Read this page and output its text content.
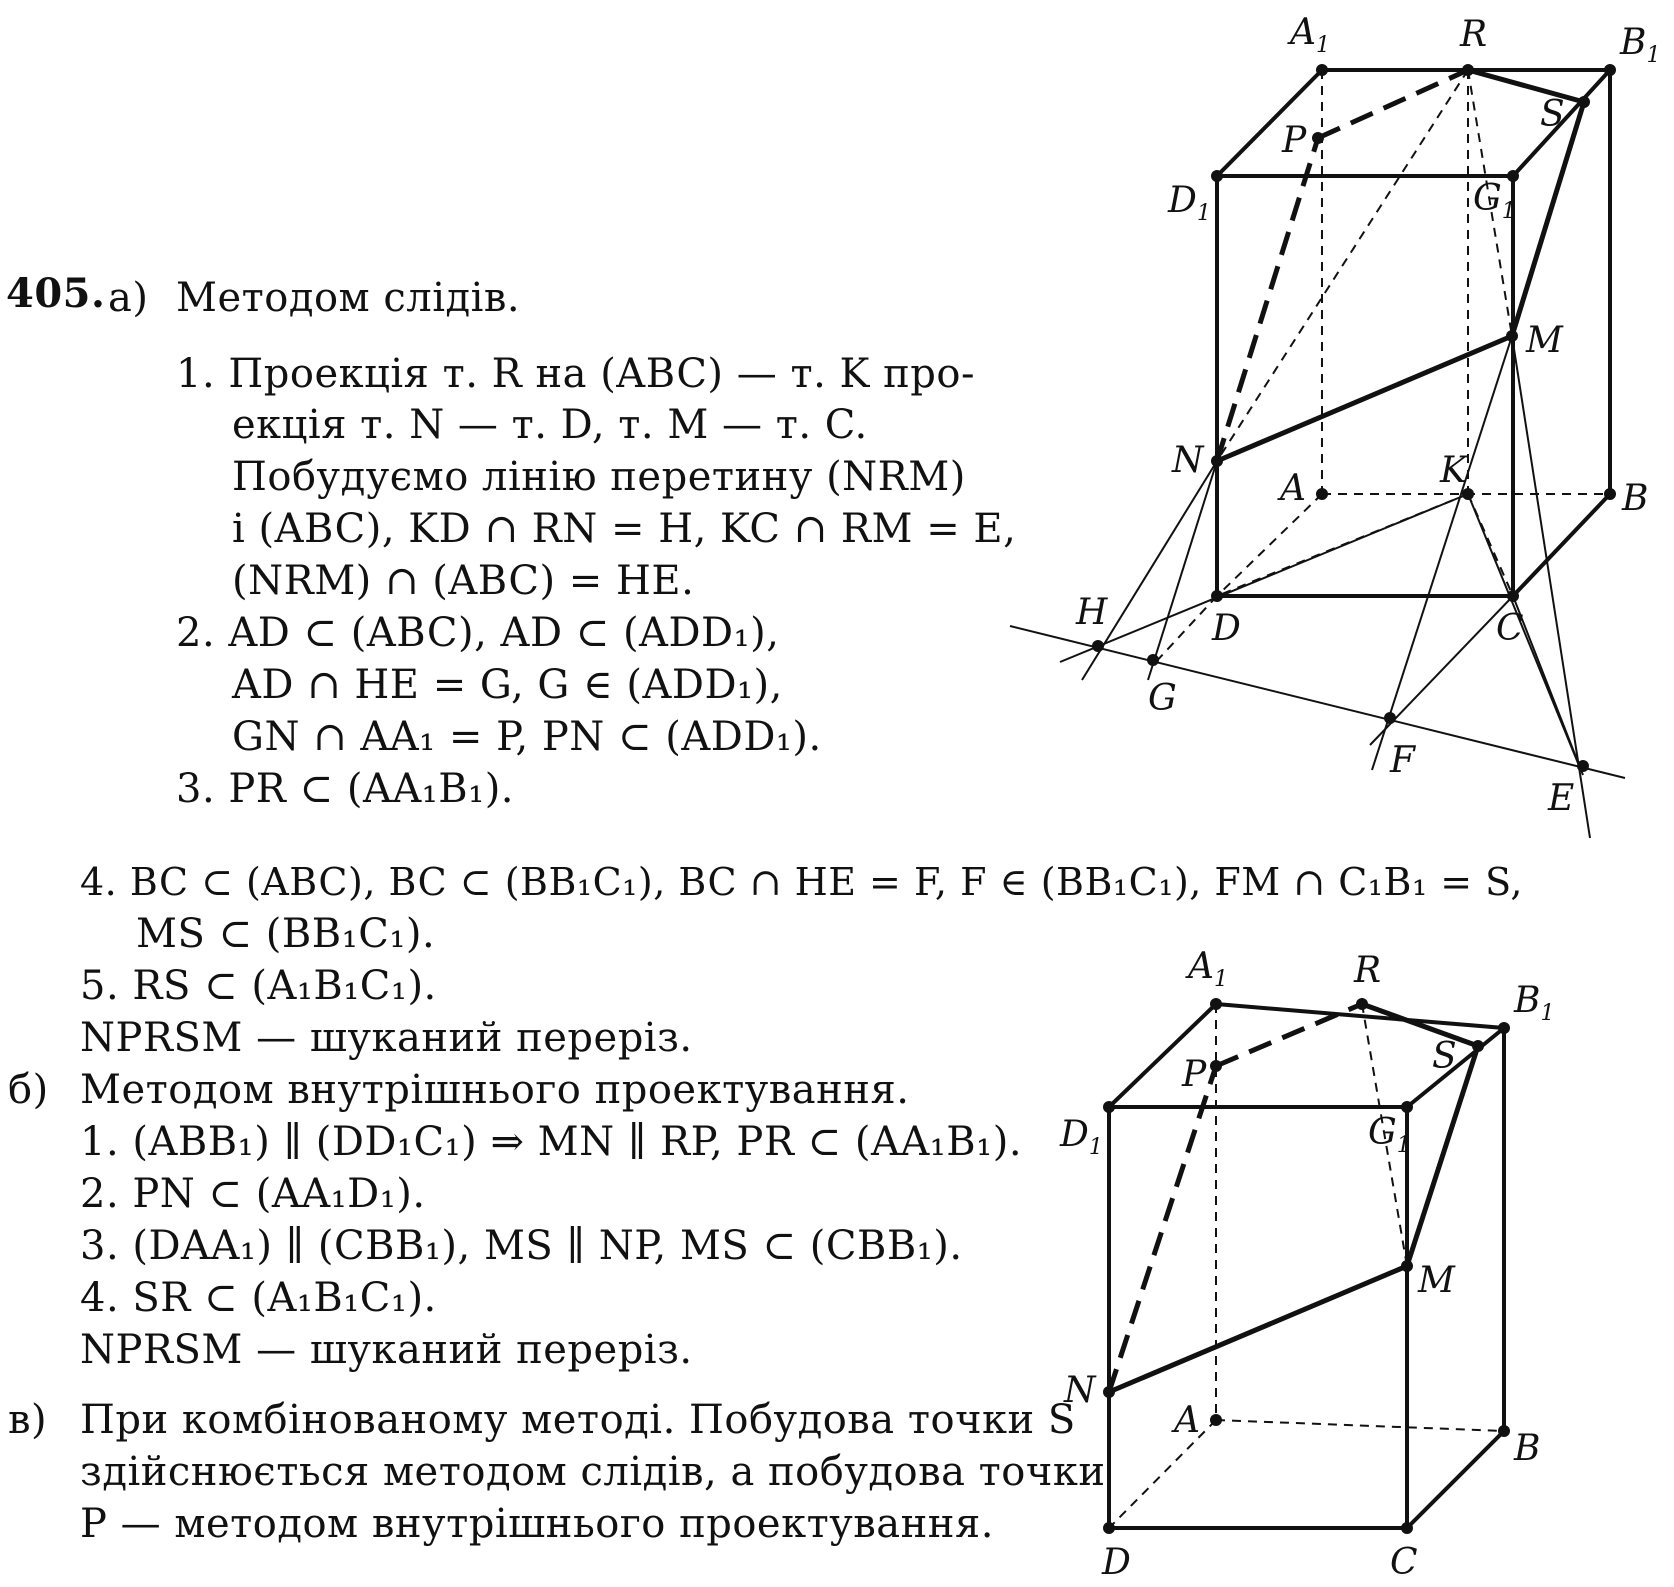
405. а) Методом слідів.
1. Проекція т. R на (ABC) — т. K про-
екція т. N — т. D, т. M — т. C.
Побудуємо лінію перетину (NRM)
і (ABC), KD ∩ RN = H, KC ∩ RM = E,
(NRM) ∩ (ABC) = HE.
2. AD ⊂ (ABC), AD ⊂ (ADD₁),
AD ∩ HE = G, G ∈ (ADD₁),
GN ∩ AA₁ = P, PN ⊂ (ADD₁).
3. PR ⊂ (AA₁B₁).
4. BC ⊂ (ABC), BC ⊂ (BB₁C₁), BC ∩ HE = F, F ∈ (BB₁C₁), FM ∩ C₁B₁ = S,
MS ⊂ (BB₁C₁).
5. RS ⊂ (A₁B₁C₁).
NPRSM — шуканий переріз.
б) Методом внутрішнього проектування.
1. (ABB₁) ∥ (DD₁C₁) ⇒ MN ∥ RP, PR ⊂ (AA₁B₁).
2. PN ⊂ (AA₁D₁).
3. (DAA₁) ∥ (CBB₁), MS ∥ NP, MS ⊂ (CBB₁).
4. SR ⊂ (A₁B₁C₁).
NPRSM — шуканий переріз.
в) При комбінованому методі. Побудова точки S
здійснюється методом слідів, а побудова точки
P — методом внутрішнього проектування.
$A_1$	R	$B_1$
S
P
$D_1$	$G_1$
M
N
A	K
B
H	D	C
G
F
E
$A_1$	R
$B_1$
S
P
$D_1$	$G_1$
M
N
A
B
D	C
